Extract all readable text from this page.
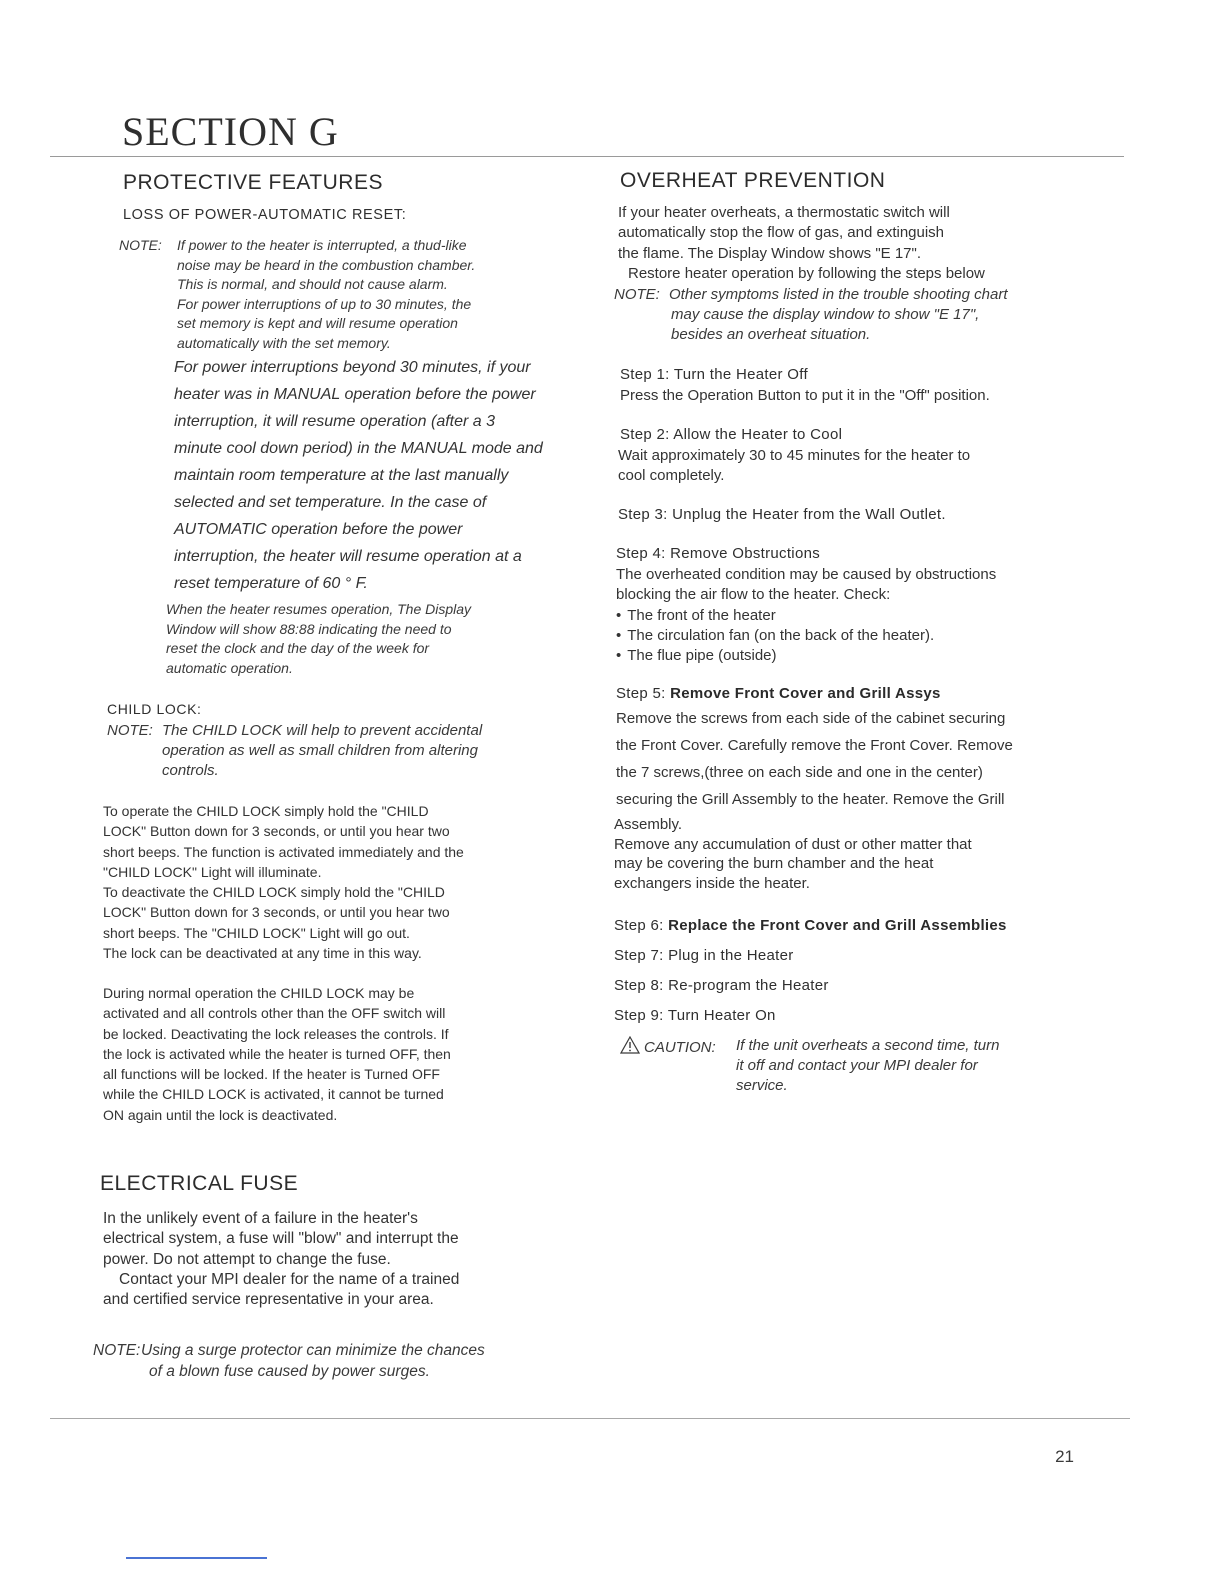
SECTION G
PROTECTIVE FEATURES
LOSS OF POWER-AUTOMATIC RESET:
NOTE: If power to the heater is interrupted, a thud-like
noise may be heard in the combustion chamber.
This is normal, and should not cause alarm.
For power interruptions of up to 30 minutes, the
set memory is kept and will resume operation
automatically with the set memory.
For power interruptions beyond 30 minutes, if your
heater was in MANUAL operation before the power
interruption, it will resume operation (after a 3
minute cool down period) in the MANUAL mode and
maintain room temperature at the last manually
selected and set temperature. In the case of
AUTOMATIC operation before the power
interruption, the heater will resume operation at a
reset temperature of 60 ° F.
When the heater resumes operation, The Display
Window will show 88:88 indicating the need to
reset the clock and the day of the week for
automatic operation.
CHILD LOCK:
NOTE: The CHILD LOCK will help to prevent accidental
operation as well as small children from altering
controls.
To operate the CHILD LOCK simply hold the "CHILD
LOCK" Button down for 3 seconds, or until you hear two
short beeps. The function is activated immediately and the
"CHILD LOCK" Light will illuminate.
To deactivate the CHILD LOCK simply hold the "CHILD
LOCK" Button down for 3 seconds, or until you hear two
short beeps. The "CHILD LOCK" Light will go out.
The lock can be deactivated at any time in this way.
During normal operation the CHILD LOCK may be
activated and all controls other than the OFF switch will
be locked. Deactivating the lock releases the controls. If
the lock is activated while the heater is turned OFF, then
all functions will be locked. If the heater is Turned OFF
while the CHILD LOCK is activated, it cannot be turned
ON again until the lock is deactivated.
ELECTRICAL FUSE
In the unlikely event of a failure in the heater's
electrical system, a fuse will "blow" and interrupt the
power. Do not attempt to change the fuse.
Contact your MPI dealer for the name of a trained
and certified service representative in your area.
NOTE: Using a surge protector can minimize the chances
of a blown fuse caused by power surges.
OVERHEAT PREVENTION
If your heater overheats, a thermostatic switch will
automatically stop the flow of gas, and extinguish
the flame. The Display Window shows "E 17".
Restore heater operation by following the steps below
NOTE: Other symptoms listed in the trouble shooting chart
may cause the display window to show "E 17",
besides an overheat situation.
Step 1: Turn the Heater Off
Press the Operation Button to put it in the "Off" position.
Step 2: Allow the Heater to Cool
Wait approximately 30 to 45 minutes for the heater to
cool completely.
Step 3: Unplug the Heater from the Wall Outlet.
Step 4: Remove Obstructions
The overheated condition may be caused by obstructions
blocking the air flow to the heater. Check:
• The front of the heater
• The circulation fan (on the back of the heater).
• The flue pipe (outside)
Step 5: Remove Front Cover and Grill Assys
Remove the screws from each side of the cabinet securing
the Front Cover. Carefully remove the Front Cover. Remove
the 7 screws,(three on each side and one in the center)
securing the Grill Assembly to the heater. Remove the Grill
Assembly.
Remove any accumulation of dust or other matter that
may be covering the burn chamber and the heat
exchangers inside the heater.
Step 6: Replace the Front Cover and Grill Assemblies
Step 7: Plug in the Heater
Step 8: Re-program the Heater
Step 9: Turn Heater On
CAUTION: If the unit overheats a second time, turn
it off and contact your MPI dealer for
service.
21
